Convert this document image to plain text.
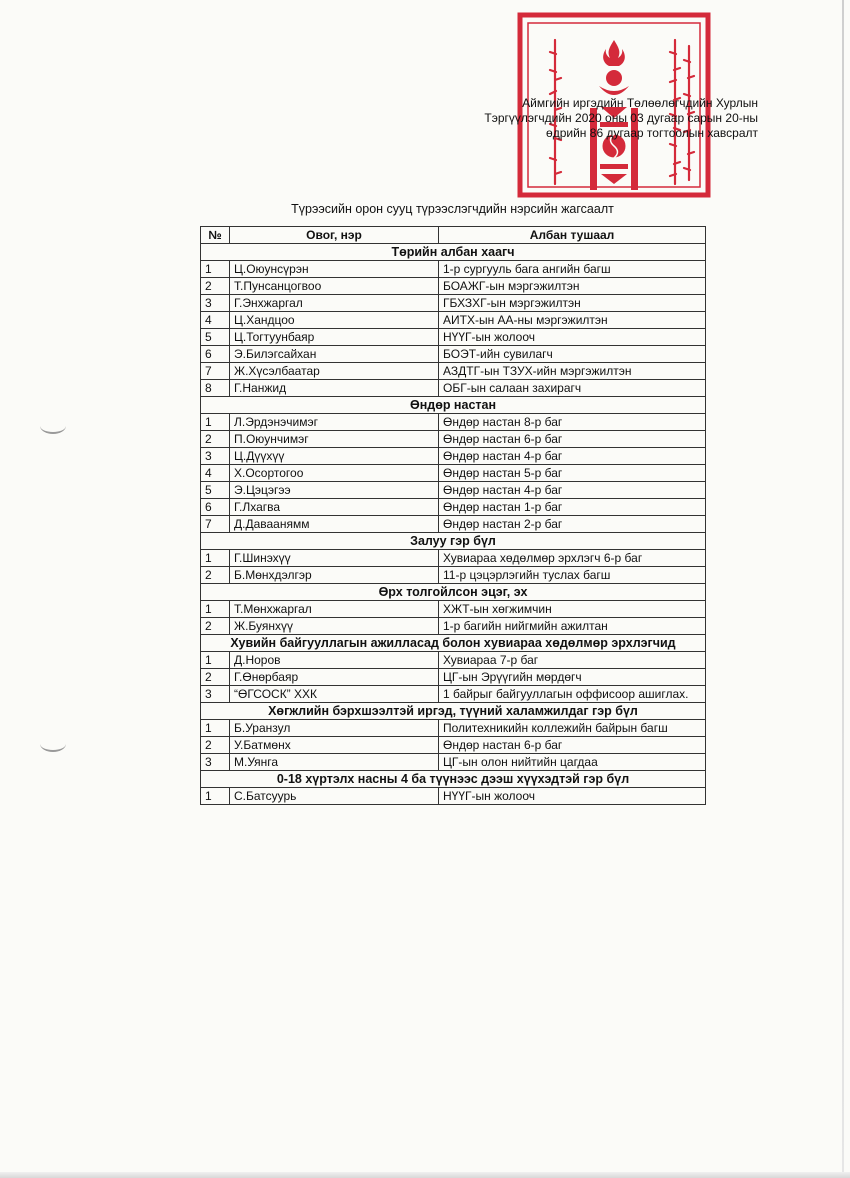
Аймгийн иргэдийн Төлөөлөгчдийн Хурлын
Тэргүүлэгчдийн 2020 оны 03 дугаар сарын 20-ны
өдрийн 86 дугаар тогтоолын хавсралт
Түрээсийн орон сууц түрээслэгчдийн нэрсийн жагсаалт
№	Овог, нэр	Албан тушаал
Төрийн албан хаагч		
1	Ц.Оюунсүрэн	1-р сургууль бага ангийн багш
2	Т.Пунсанцогвоо	БОАЖГ-ын мэргэжилтэн
3	Г.Энхжаргал	ГБХЗХГ-ын мэргэжилтэн
4	Ц.Хандцоо	АИТХ-ын АА-ны мэргэжилтэн
5	Ц.Тогтуунбаяр	НҮҮГ-ын жолооч
6	Э.Билэгсайхан	БОЭТ-ийн сувилагч
7	Ж.Хүсэлбаатар	АЗДТГ-ын ТЗУХ-ийн мэргэжилтэн
8	Г.Нанжид	ОБГ-ын салаан захирагч
Өндөр настан		
1	Л.Эрдэнэчимэг	Өндөр настан 8-р баг
2	П.Оюунчимэг	Өндөр настан 6-р баг
3	Ц.Дүүхүү	Өндөр настан 4-р баг
4	Х.Осортогоо	Өндөр настан 5-р баг
5	Э.Цэцэгээ	Өндөр настан 4-р баг
6	Г.Лхагва	Өндөр настан 1-р баг
7	Д.Даваанямм	Өндөр настан 2-р баг
Залуу гэр бүл		
1	Г.Шинэхүү	Хувиараа хөдөлмөр эрхлэгч 6-р баг
2	Б.Мөнхдэлгэр	11-р цэцэрлэгийн туслах багш
Өрх толгойлсон эцэг, эх		
1	Т.Мөнхжаргал	ХЖТ-ын хөгжимчин
2	Ж.Буянхүү	1-р багийн нийгмийн ажилтан
Хувийн байгууллагын ажилласад болон хувиараа хөдөлмөр эрхлэгчид		
1	Д.Норов	Хувиараа 7-р баг
2	Г.Өнөрбаяр	ЦГ-ын Эрүүгийн мөрдөгч
3	“ӨГСОСК” ХХК	1 байрыг байгууллагын оффисоор ашиглах.
Хөгжлийн бэрхшээлтэй иргэд, түүний халамжилдаг гэр бүл		
1	Б.Уранзул	Политехникийн коллежийн байрын багш
2	У.Батмөнх	Өндөр настан 6-р баг
3	М.Уянга	ЦГ-ын олон нийтийн цагдаа
0-18 хүртэлх насны 4 ба түүнээс дээш хүүхэдтэй гэр бүл		
1	С.Батсуурь	НҮҮГ-ын жолооч
